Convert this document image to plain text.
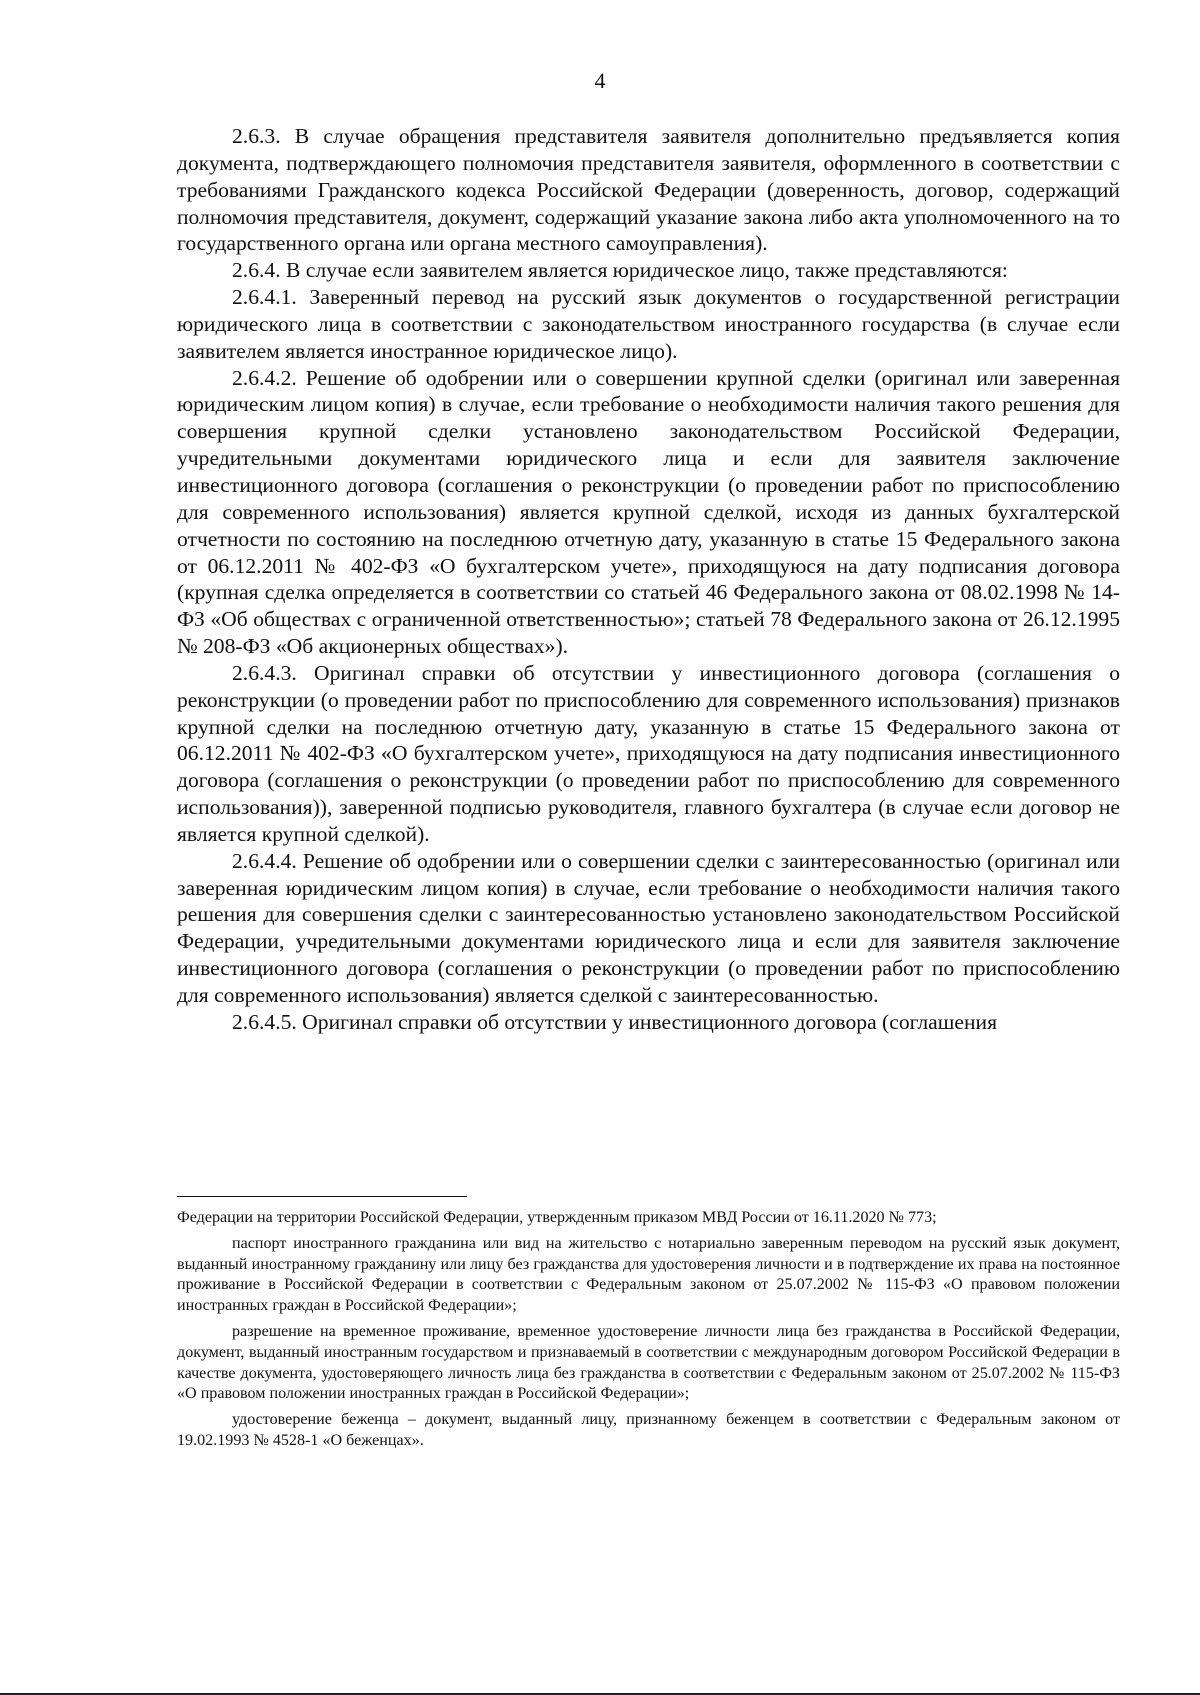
4

2.6.3. В случае обращения представителя заявителя дополнительно предъявляется копия документа, подтверждающего полномочия представителя заявителя, оформленного в соответствии с требованиями Гражданского кодекса Российской Федерации (доверенность, договор, содержащий полномочия представителя, документ, содержащий указание закона либо акта уполномоченного на то государственного органа или органа местного самоуправления).

2.6.4. В случае если заявителем является юридическое лицо, также представляются:

2.6.4.1. Заверенный перевод на русский язык документов о государственной регистрации юридического лица в соответствии с законодательством иностранного государства (в случае если заявителем является иностранное юридическое лицо).

2.6.4.2. Решение об одобрении или о совершении крупной сделки (оригинал или заверенная юридическим лицом копия) в случае, если требование о необходимости наличия такого решения для совершения крупной сделки установлено законодательством Российской Федерации, учредительными документами юридического лица и если для заявителя заключение инвестиционного договора (соглашения о реконструкции (о проведении работ по приспособлению для современного использования) является крупной сделкой, исходя из данных бухгалтерской отчетности по состоянию на последнюю отчетную дату, указанную в статье 15 Федерального закона от 06.12.2011 № 402-ФЗ «О бухгалтерском учете», приходящуюся на дату подписания договора (крупная сделка определяется в соответствии со статьей 46 Федерального закона от 08.02.1998 № 14-ФЗ «Об обществах с ограниченной ответственностью»; статьей 78 Федерального закона от 26.12.1995 № 208-ФЗ «Об акционерных обществах»).

2.6.4.3. Оригинал справки об отсутствии у инвестиционного договора (соглашения о реконструкции (о проведении работ по приспособлению для современного использования) признаков крупной сделки на последнюю отчетную дату, указанную в статье 15 Федерального закона от 06.12.2011 № 402-ФЗ «О бухгалтерском учете», приходящуюся на дату подписания инвестиционного договора (соглашения о реконструкции (о проведении работ по приспособлению для современного использования)), заверенной подписью руководителя, главного бухгалтера (в случае если договор не является крупной сделкой).

2.6.4.4. Решение об одобрении или о совершении сделки с заинтересованностью (оригинал или заверенная юридическим лицом копия) в случае, если требование о необходимости наличия такого решения для совершения сделки с заинтересованностью установлено законодательством Российской Федерации, учредительными документами юридического лица и если для заявителя заключение инвестиционного договора (соглашения о реконструкции (о проведении работ по приспособлению для современного использования) является сделкой с заинтересованностью.

2.6.4.5. Оригинал справки об отсутствии у инвестиционного договора (соглашения

Федерации на территории Российской Федерации, утвержденным приказом МВД России от 16.11.2020 № 773;

паспорт иностранного гражданина или вид на жительство с нотариально заверенным переводом на русский язык документ, выданный иностранному гражданину или лицу без гражданства для удостоверения личности и в подтверждение их права на постоянное проживание в Российской Федерации в соответствии с Федеральным законом от 25.07.2002 № 115-ФЗ «О правовом положении иностранных граждан в Российской Федерации»;

разрешение на временное проживание, временное удостоверение личности лица без гражданства в Российской Федерации, документ, выданный иностранным государством и признаваемый в соответствии с международным договором Российской Федерации в качестве документа, удостоверяющего личность лица без гражданства в соответствии с Федеральным законом от 25.07.2002 № 115-ФЗ «О правовом положении иностранных граждан в Российской Федерации»;

удостоверение беженца – документ, выданный лицу, признанному беженцем в соответствии с Федеральным законом от 19.02.1993 № 4528-1 «О беженцах».
